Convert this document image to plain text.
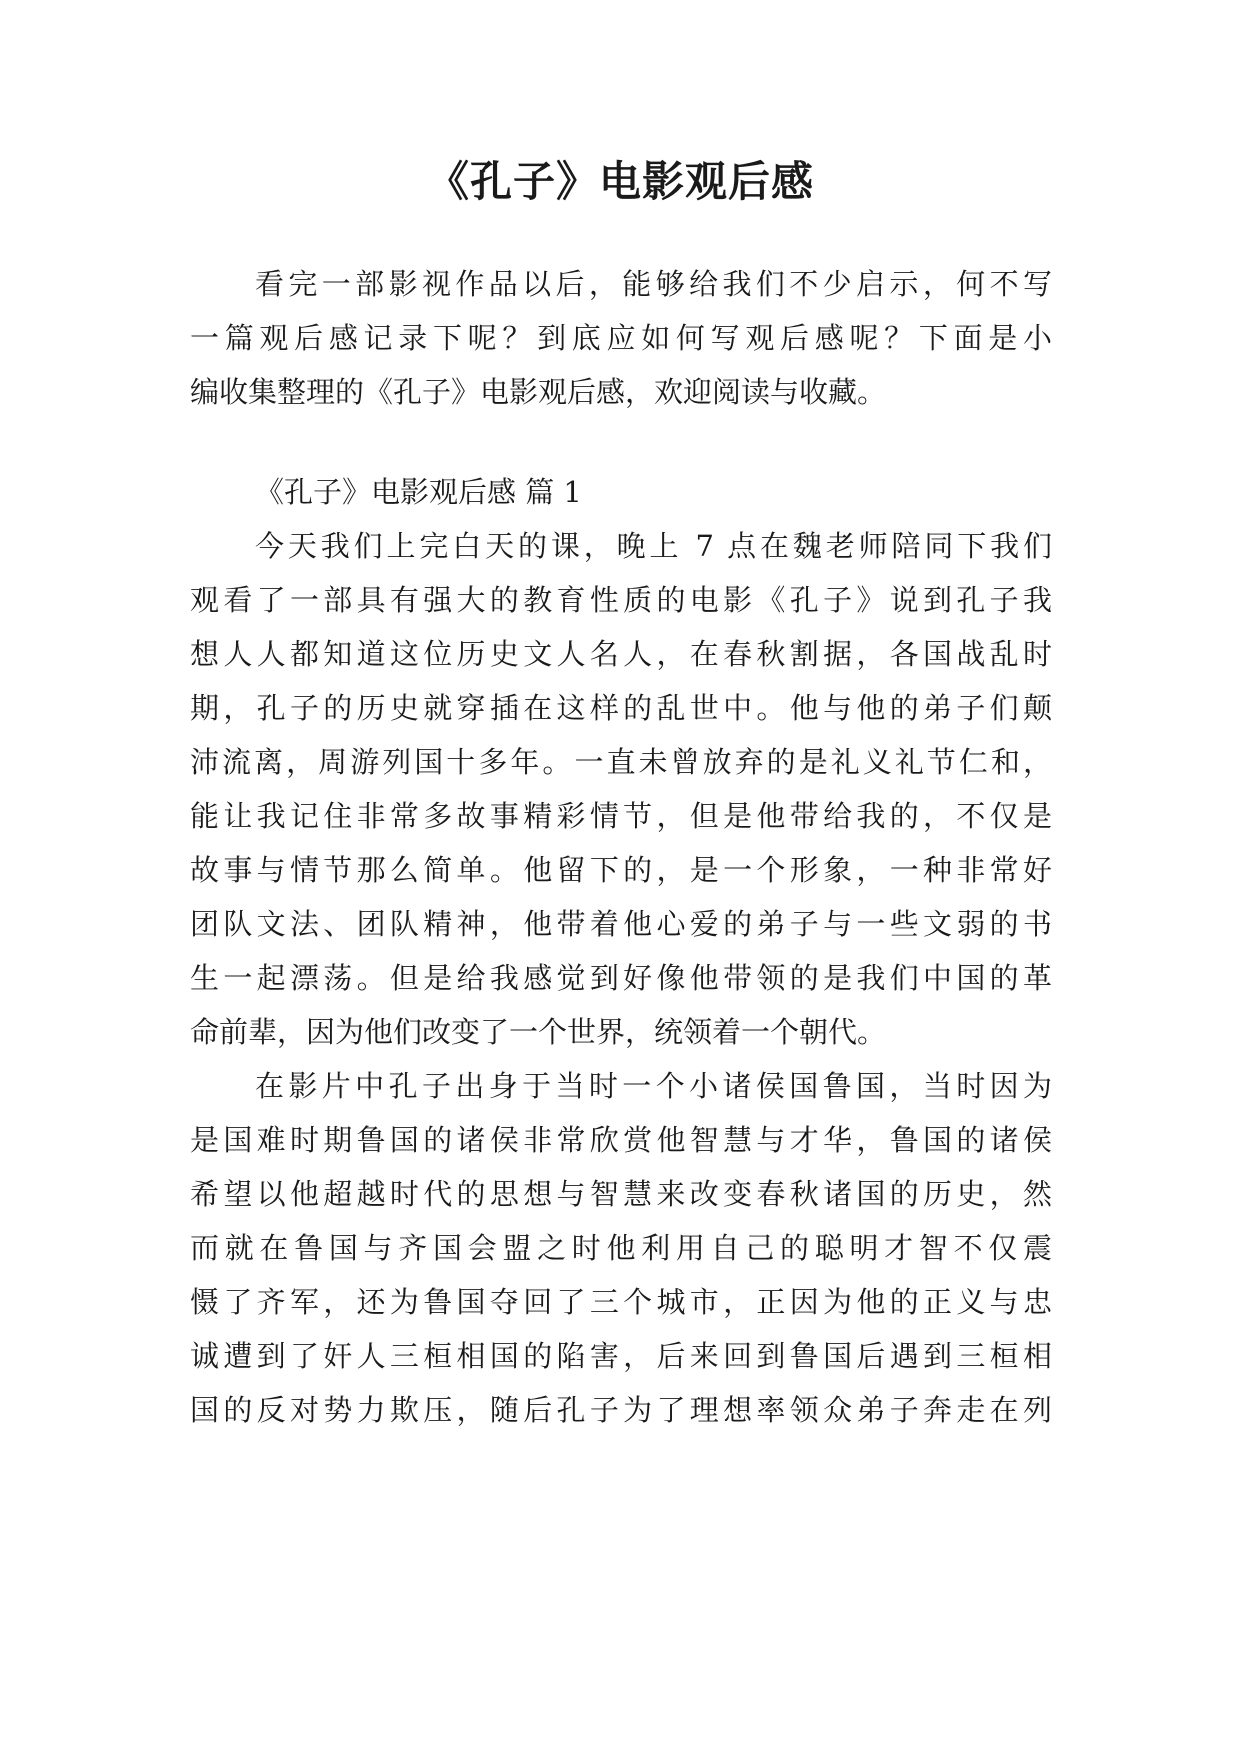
《孔子》电影观后感

看完一部影视作品以后，能够给我们不少启示，何不写

一篇观后感记录下呢？到底应如何写观后感呢？下面是小

编收集整理的《孔子》电影观后感，欢迎阅读与收藏。

《孔子》电影观后感 篇 1

今天我们上完白天的课，晚上 7 点在魏老师陪同下我们

观看了一部具有强大的教育性质的电影《孔子》说到孔子我

想人人都知道这位历史文人名人，在春秋割据，各国战乱时

期，孔子的历史就穿插在这样的乱世中。他与他的弟子们颠

沛流离，周游列国十多年。一直未曾放弃的是礼义礼节仁和，

能让我记住非常多故事精彩情节，但是他带给我的，不仅是

故事与情节那么简单。他留下的，是一个形象，一种非常好

团队文法、团队精神，他带着他心爱的弟子与一些文弱的书

生一起漂荡。但是给我感觉到好像他带领的是我们中国的革

命前辈，因为他们改变了一个世界，统领着一个朝代。

在影片中孔子出身于当时一个小诸侯国鲁国，当时因为

是国难时期鲁国的诸侯非常欣赏他智慧与才华，鲁国的诸侯

希望以他超越时代的思想与智慧来改变春秋诸国的历史，然

而就在鲁国与齐国会盟之时他利用自己的聪明才智不仅震

慑了齐军，还为鲁国夺回了三个城市，正因为他的正义与忠

诚遭到了奸人三桓相国的陷害，后来回到鲁国后遇到三桓相

国的反对势力欺压，随后孔子为了理想率领众弟子奔走在列
